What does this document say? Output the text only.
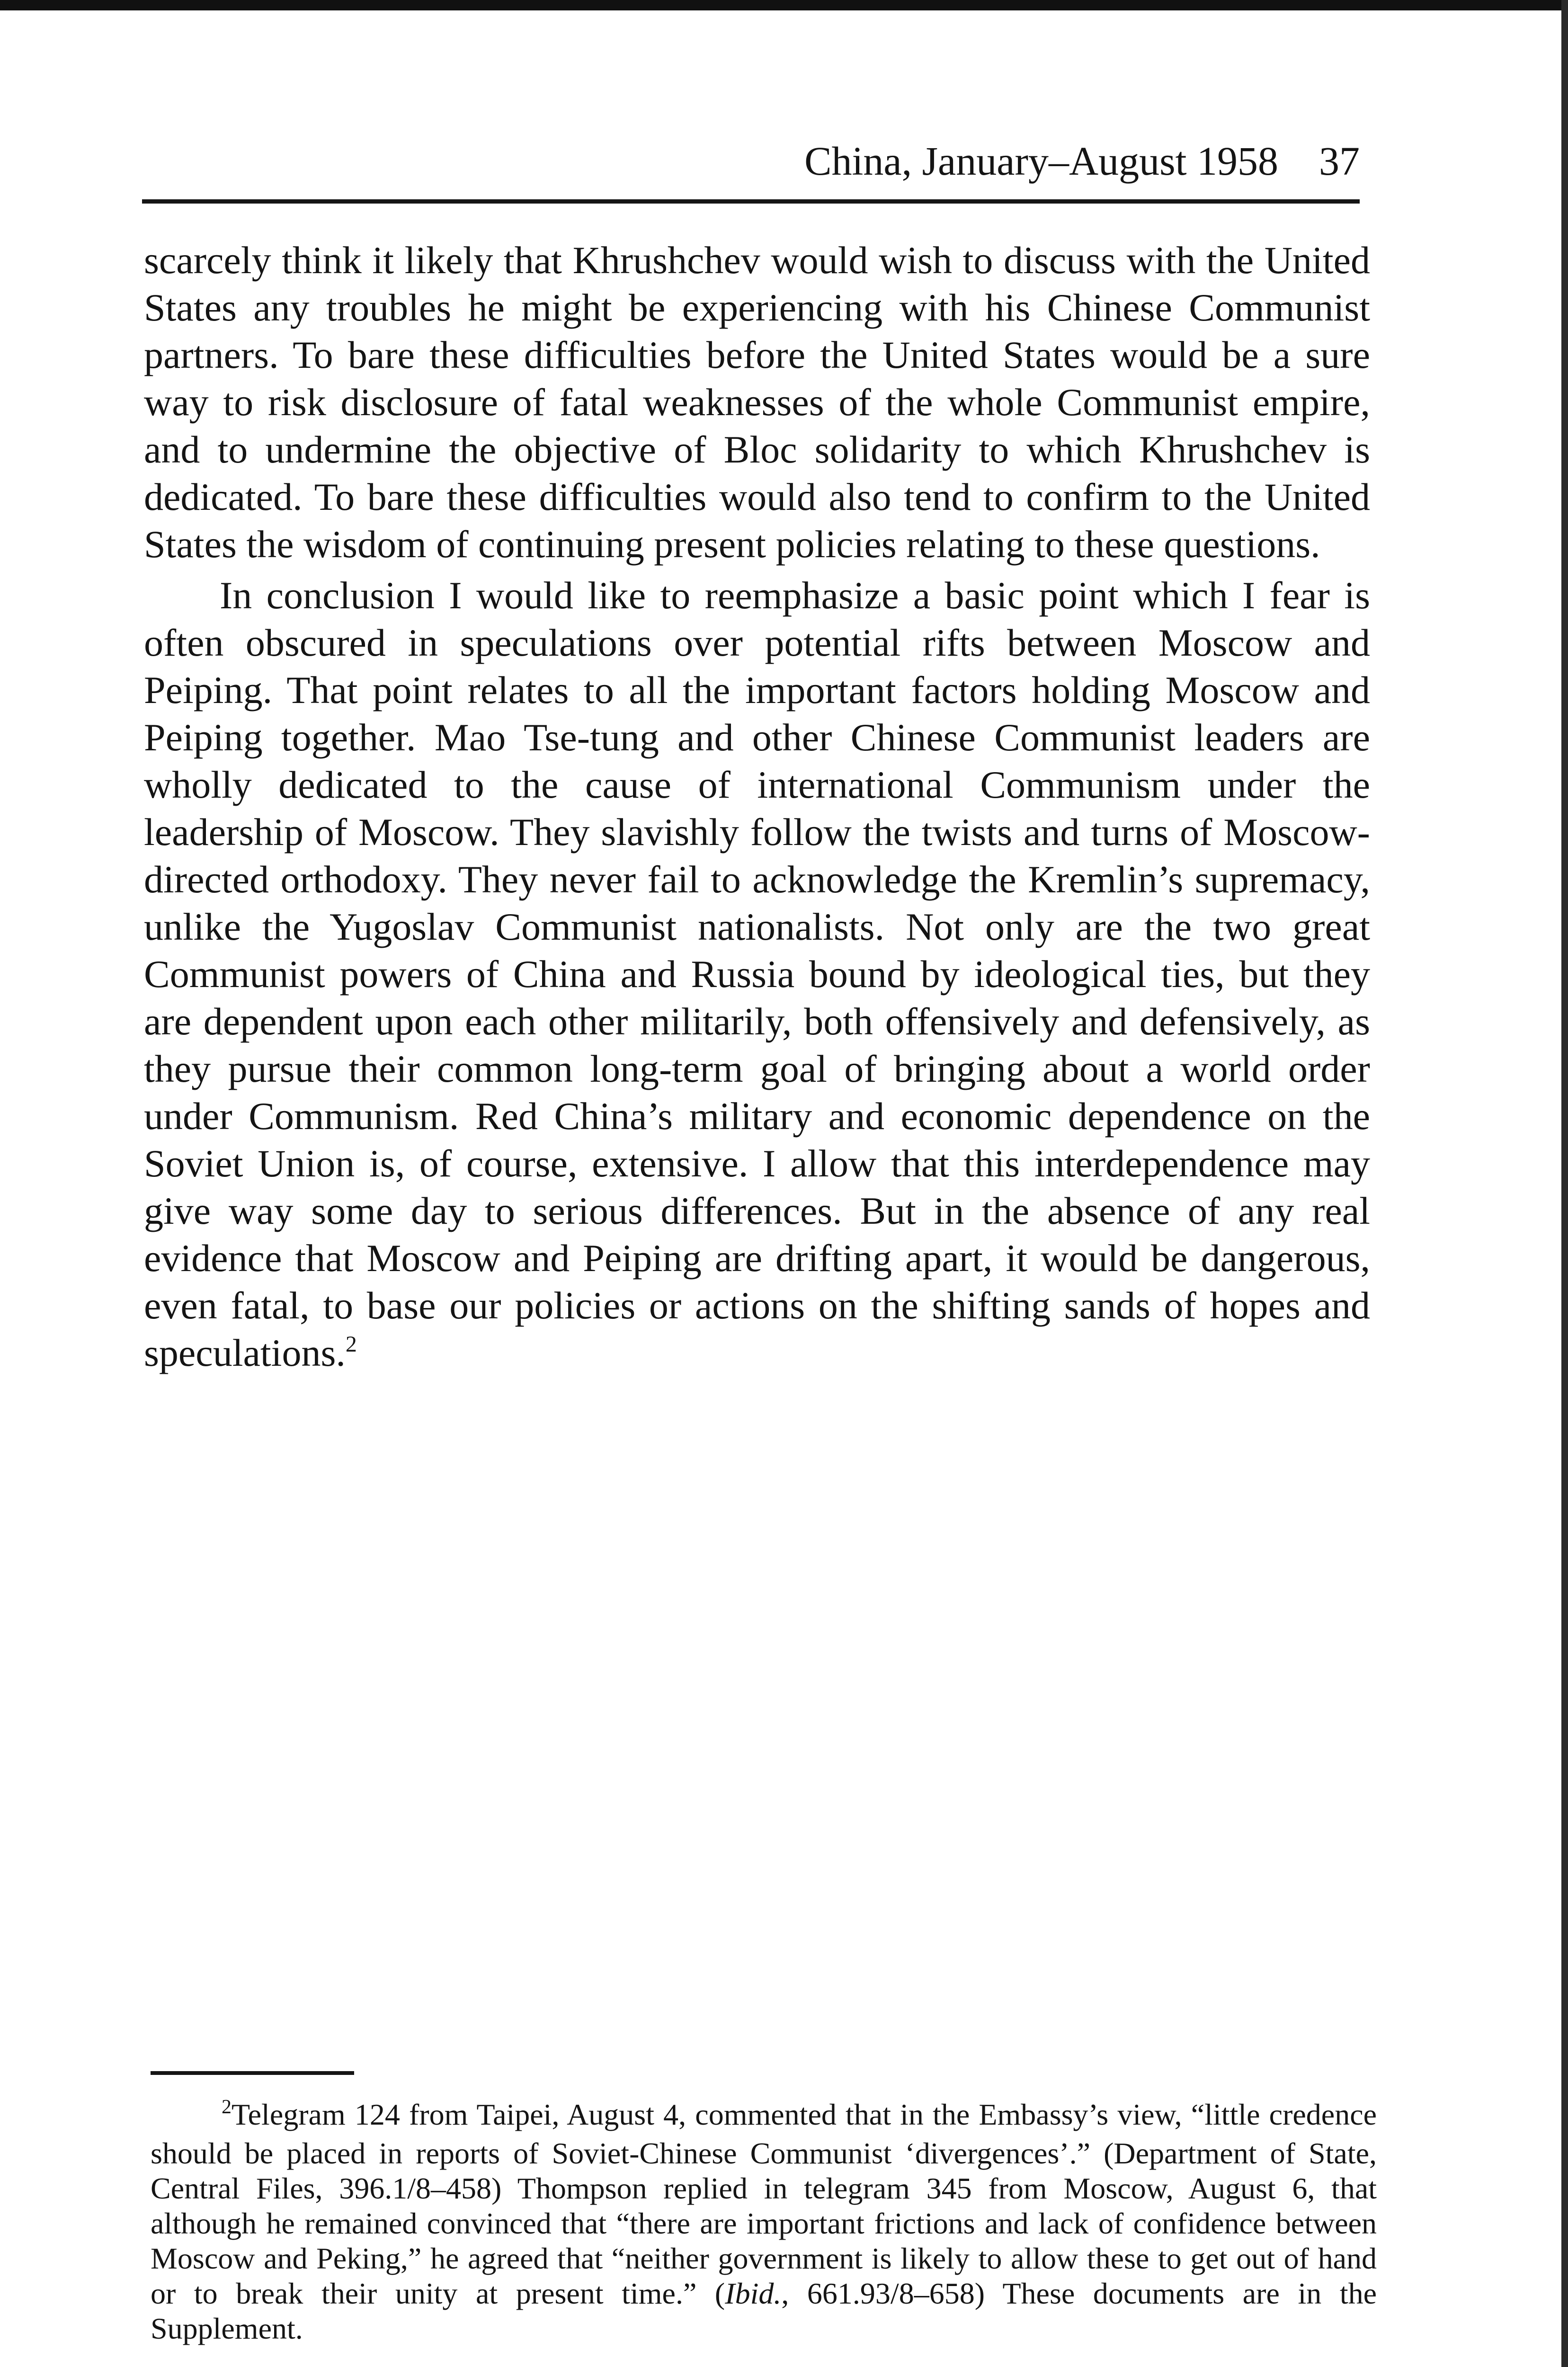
China, January–August 1958 37

scarcely think it likely that Khrushchev would wish to discuss with the United States any troubles he might be experiencing with his Chinese Communist partners. To bare these difficulties before the United States would be a sure way to risk disclosure of fatal weaknesses of the whole Communist empire, and to undermine the objective of Bloc solidarity to which Khrushchev is dedicated. To bare these difficulties would also tend to confirm to the United States the wisdom of continuing present policies relating to these questions.

In conclusion I would like to reemphasize a basic point which I fear is often obscured in speculations over potential rifts between Moscow and Peiping. That point relates to all the important factors holding Moscow and Peiping together. Mao Tse-tung and other Chinese Communist leaders are wholly dedicated to the cause of international Communism under the leadership of Moscow. They slavishly follow the twists and turns of Moscow-directed orthodoxy. They never fail to acknowledge the Kremlin’s supremacy, unlike the Yugoslav Communist nationalists. Not only are the two great Communist powers of China and Russia bound by ideological ties, but they are dependent upon each other militarily, both offensively and defensively, as they pursue their common long-term goal of bringing about a world order under Communism. Red China’s military and economic dependence on the Soviet Union is, of course, extensive. I allow that this interdependence may give way some day to serious differences. But in the absence of any real evidence that Moscow and Peiping are drifting apart, it would be dangerous, even fatal, to base our policies or actions on the shifting sands of hopes and speculations.$^2$

$^2$Telegram 124 from Taipei, August 4, commented that in the Embassy’s view, “little credence should be placed in reports of Soviet-Chinese Communist ‘divergences’.” (Department of State, Central Files, 396.1/8–458) Thompson replied in telegram 345 from Moscow, August 6, that although he remained convinced that “there are important frictions and lack of confidence between Moscow and Peking,” he agreed that “neither government is likely to allow these to get out of hand or to break their unity at present time.” (Ibid., 661.93/8–658) These documents are in the Supplement.
